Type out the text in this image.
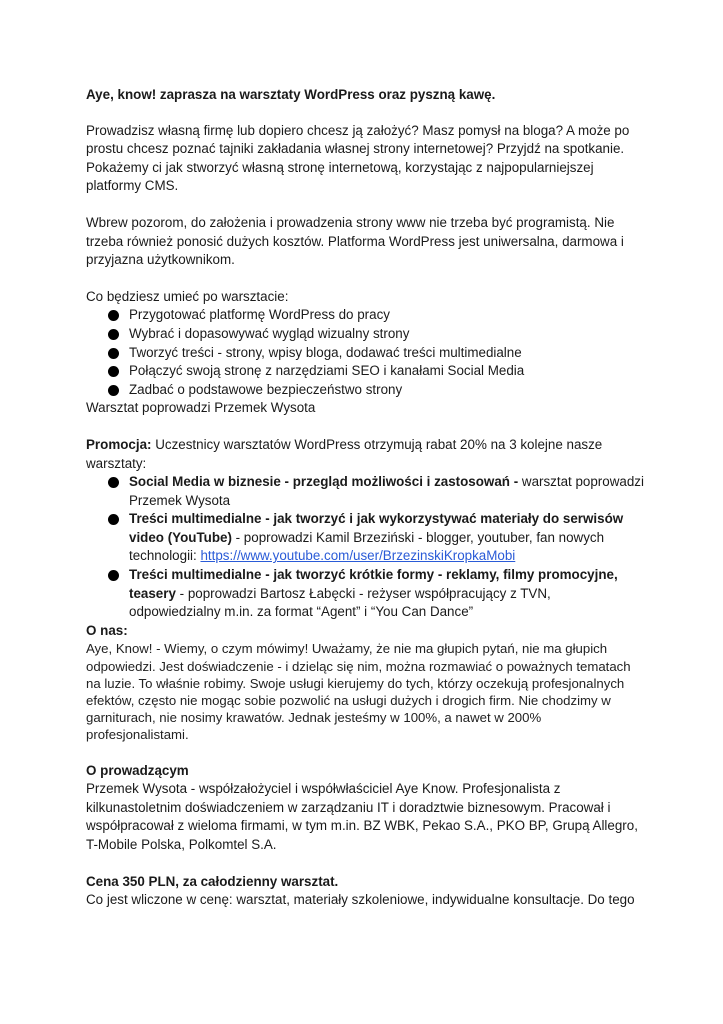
Aye, know! zaprasza na warsztaty WordPress oraz pyszną kawę.

Prowadzisz własną firmę lub dopiero chcesz ją założyć? Masz pomysł na bloga? A może po prostu chcesz poznać tajniki zakładania własnej strony internetowej? Przyjdź na spotkanie. Pokażemy ci jak stworzyć własną stronę internetową, korzystając z najpopularniejszej platformy CMS.

Wbrew pozorom, do założenia i prowadzenia strony www nie trzeba być programistą. Nie trzeba również ponosić dużych kosztów. Platforma WordPress jest uniwersalna, darmowa i przyjazna użytkownikom.

Co będziesz umieć po warsztacie:

Przygotować platformę WordPress do pracy
Wybrać i dopasowywać wygląd wizualny strony
Tworzyć treści - strony, wpisy bloga, dodawać treści multimedialne
Połączyć swoją stronę z narzędziami SEO i kanałami Social Media
Zadbać o podstawowe bezpieczeństwo strony

Warsztat poprowadzi Przemek Wysota

Promocja: Uczestnicy warsztatów WordPress otrzymują rabat 20% na 3 kolejne nasze warsztaty:

Social Media w biznesie - przegląd możliwości i zastosowań - warsztat poprowadzi Przemek Wysota
Treści multimedialne - jak tworzyć i jak wykorzystywać materiały do serwisów video (YouTube) - poprowadzi Kamil Brzeziński - blogger, youtuber, fan nowych technologii: https://www.youtube.com/user/BrzezinskiKropkaMobi
Treści multimedialne - jak tworzyć krótkie formy - reklamy, filmy promocyjne, teasery - poprowadzi Bartosz Łabęcki - reżyser współpracujący z TVN, odpowiedzialny m.in. za format “Agent” i “You Can Dance”

O nas:

Aye, Know! - Wiemy, o czym mówimy! Uważamy, że nie ma głupich pytań, nie ma głupich odpowiedzi. Jest doświadczenie - i dzieląc się nim, można rozmawiać o poważnych tematach na luzie. To właśnie robimy. Swoje usługi kierujemy do tych, którzy oczekują profesjonalnych efektów, często nie mogąc sobie pozwolić na usługi dużych i drogich firm. Nie chodzimy w garniturach, nie nosimy krawatów. Jednak jesteśmy w 100%, a nawet w 200% profesjonalistami.

O prowadzącym

Przemek Wysota - współzałożyciel i współwłaściciel Aye Know. Profesjonalista z kilkunastoletnim doświadczeniem w zarządzaniu IT i doradztwie biznesowym. Pracował i współpracował z wieloma firmami, w tym m.in. BZ WBK, Pekao S.A., PKO BP, Grupą Allegro, T-Mobile Polska, Polkomtel S.A.

Cena 350 PLN, za całodzienny warsztat.

Co jest wliczone w cenę: warsztat, materiały szkoleniowe, indywidualne konsultacje. Do tego
